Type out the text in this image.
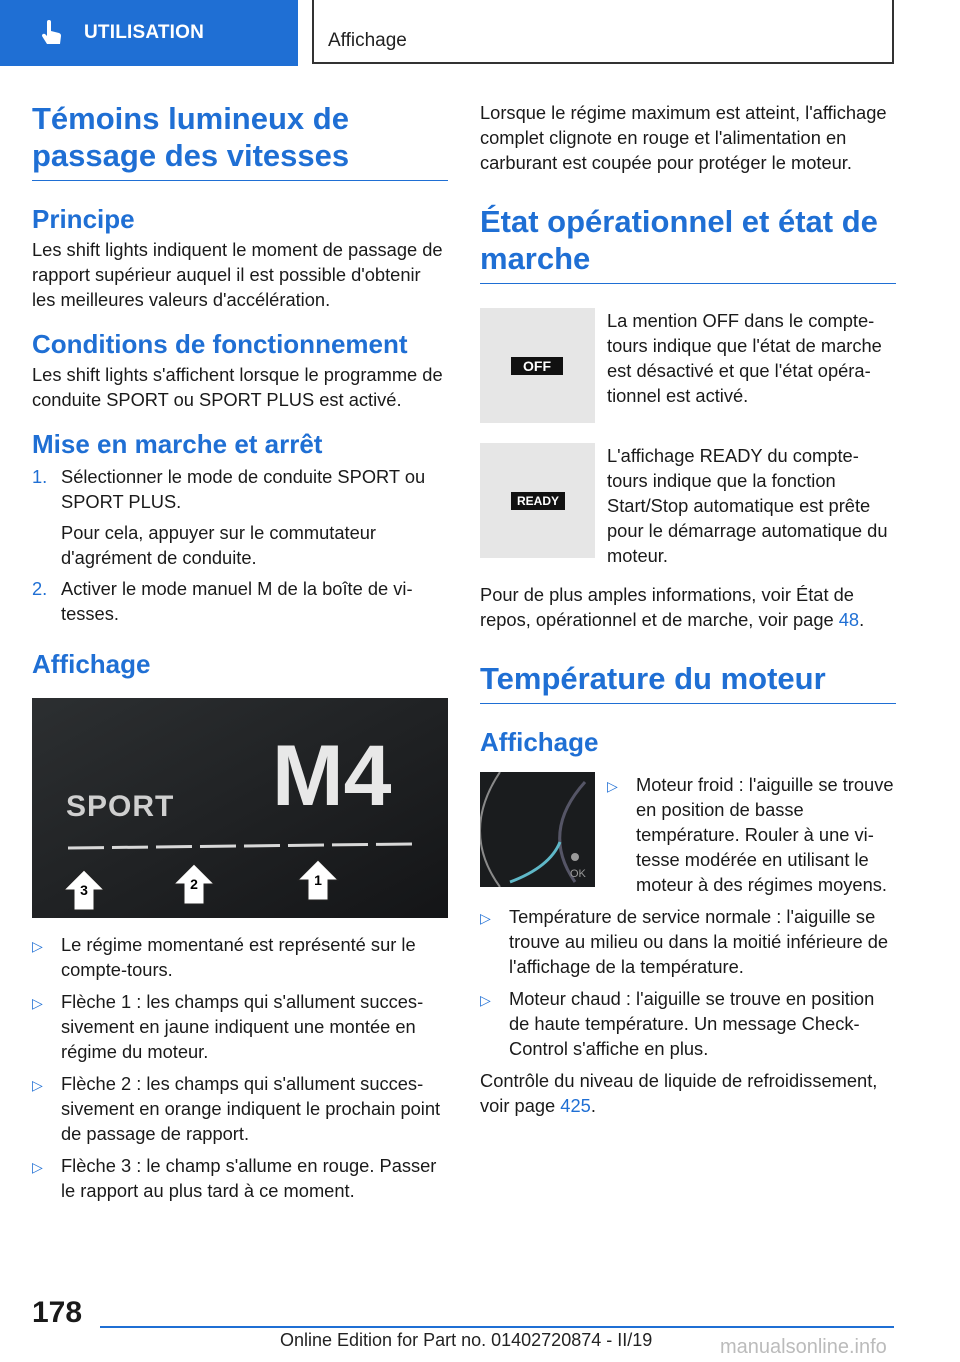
UTILISATION	Affichage
Témoins lumineux de passage des vitesses
Principe

Les shift lights indiquent le moment de passage de rapport supérieur auquel il est possible d'obtenir les meilleures valeurs d'accélération.

Conditions de fonctionnement

Les shift lights s'affichent lorsque le programme de conduite SPORT ou SPORT PLUS est activé.

Mise en marche et arrêt
1. Sélectionner le mode de conduite SPORT ou SPORT PLUS.
Pour cela, appuyer sur le commutateur d'agrément de conduite.
2. Activer le mode manuel M de la boîte de vitesses.
Affichage
SPORT M4
3	2	1
▷ Le régime momentané est représenté sur le compte-tours.
▷ Flèche 1 : les champs qui s'allument successivement en jaune indiquent une montée en régime du moteur.
▷ Flèche 2 : les champs qui s'allument successivement en orange indiquent le prochain point de passage de rapport.
▷ Flèche 3 : le champ s'allume en rouge. Passer le rapport au plus tard à ce moment.

Lorsque le régime maximum est atteint, l'affichage complet clignote en rouge et l'alimentation en carburant est coupée pour protéger le moteur.

État opérationnel et état de marche
OFF

La mention OFF dans le compte-tours indique que l'état de marche est désactivé et que l'état opérationnel est activé.

READY

L'affichage READY du compte-tours indique que la fonction Start/Stop automatique est prête pour le démarrage automatique du moteur.

Pour de plus amples informations, voir État de repos, opérationnel et de marche, voir page 48.

Température du moteur
Affichage
OK
▷ Moteur froid : l'aiguille se trouve en position de basse température. Rouler à une vitesse modérée en utilisant le moteur à des régimes moyens.
▷ Température de service normale : l'aiguille se trouve au milieu ou dans la moitié inférieure de l'affichage de la température.
▷ Moteur chaud : l'aiguille se trouve en position de haute température. Un message Check-Control s'affiche en plus.

Contrôle du niveau de liquide de refroidissement, voir page 425.

178
Online Edition for Part no. 01402720874 - II/19	manualsonline.info
